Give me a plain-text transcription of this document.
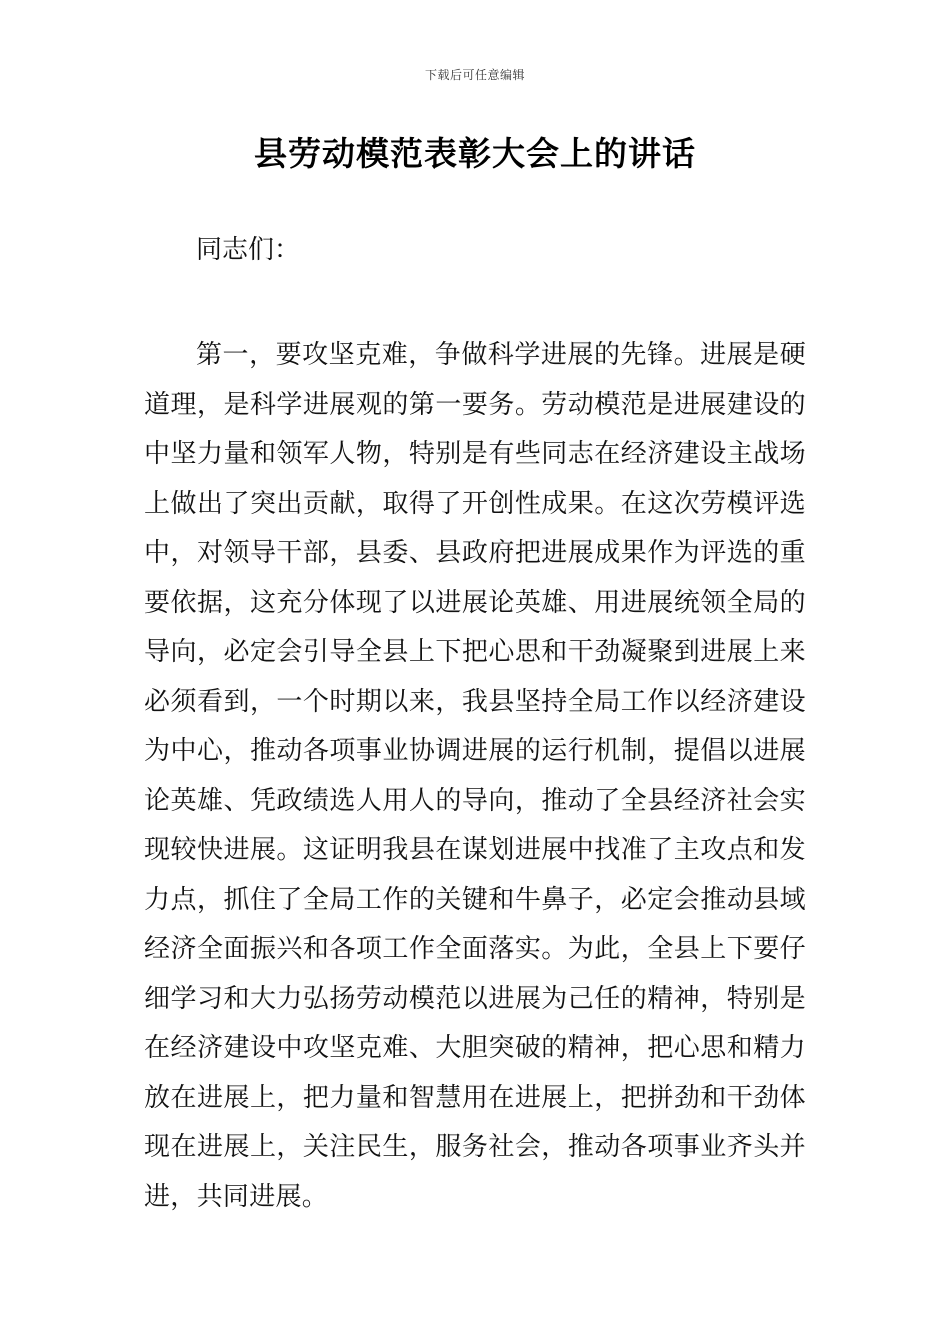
下载后可任意编辑
县劳动模范表彰大会上的讲话

同志们：

第一，要攻坚克难，争做科学进展的先锋。进展是硬道理，是科学进展观的第一要务。劳动模范是进展建设的中坚力量和领军人物，特别是有些同志在经济建设主战场上做出了突出贡献，取得了开创性成果。在这次劳模评选中，对领导干部，县委、县政府把进展成果作为评选的重要依据，这充分体现了以进展论英雄、用进展统领全局的导向，必定会引导全县上下把心思和干劲凝聚到进展上来必须看到，一个时期以来，我县坚持全局工作以经济建设为中心，推动各项事业协调进展的运行机制，提倡以进展论英雄、凭政绩选人用人的导向，推动了全县经济社会实现较快进展。这证明我县在谋划进展中找准了主攻点和发力点，抓住了全局工作的关键和牛鼻子，必定会推动县域经济全面振兴和各项工作全面落实。为此，全县上下要仔细学习和大力弘扬劳动模范以进展为己任的精神，特别是在经济建设中攻坚克难、大胆突破的精神，把心思和精力放在进展上，把力量和智慧用在进展上，把拼劲和干劲体现在进展上，关注民生，服务社会，推动各项事业齐头并进，共同进展。
